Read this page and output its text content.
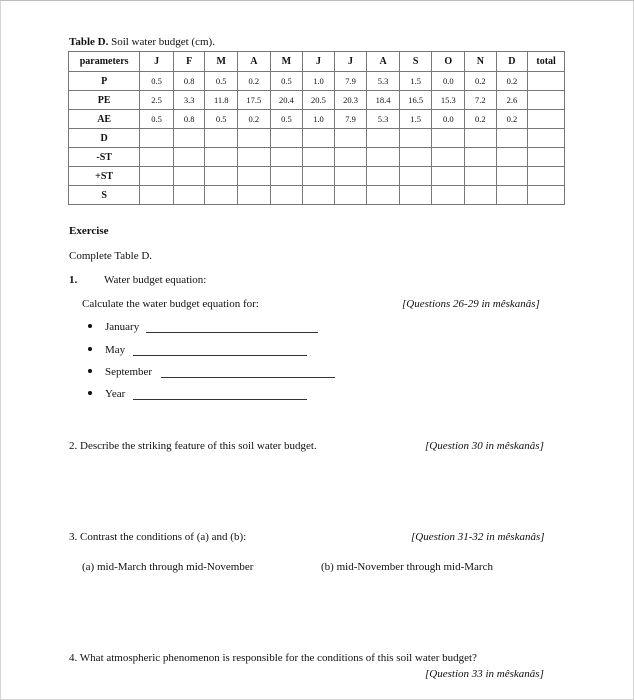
Table D. Soil water budget (cm).
parameters	J	F	M	A	M	J	J	A	S	O	N	D	total
P	0.5	0.8	0.5	0.2	0.5	1.0	7.9	5.3	1.5	0.0	0.2	0.2	
PE	2.5	3.3	11.8	17.5	20.4	20.5	20.3	18.4	16.5	15.3	7.2	2.6	
AE	0.5	0.8	0.5	0.2	0.5	1.0	7.9	5.3	1.5	0.0	0.2	0.2	
D													
-ST													
+ST													
S													
Exercise
Complete Table D.
1. Water budget equation:
Calculate the water budget equation for:	[Questions 26-29 in mêskanâs]
January
May
September
Year
2. Describe the striking feature of this soil water budget.	[Question 30 in mêskanâs]
3. Contrast the conditions of (a) and (b):	[Question 31-32 in mêskanâs]
(a) mid-March through mid-November	(b) mid-November through mid-March
4. What atmospheric phenomenon is responsible for the conditions of this soil water budget?
[Question 33 in mêskanâs]
